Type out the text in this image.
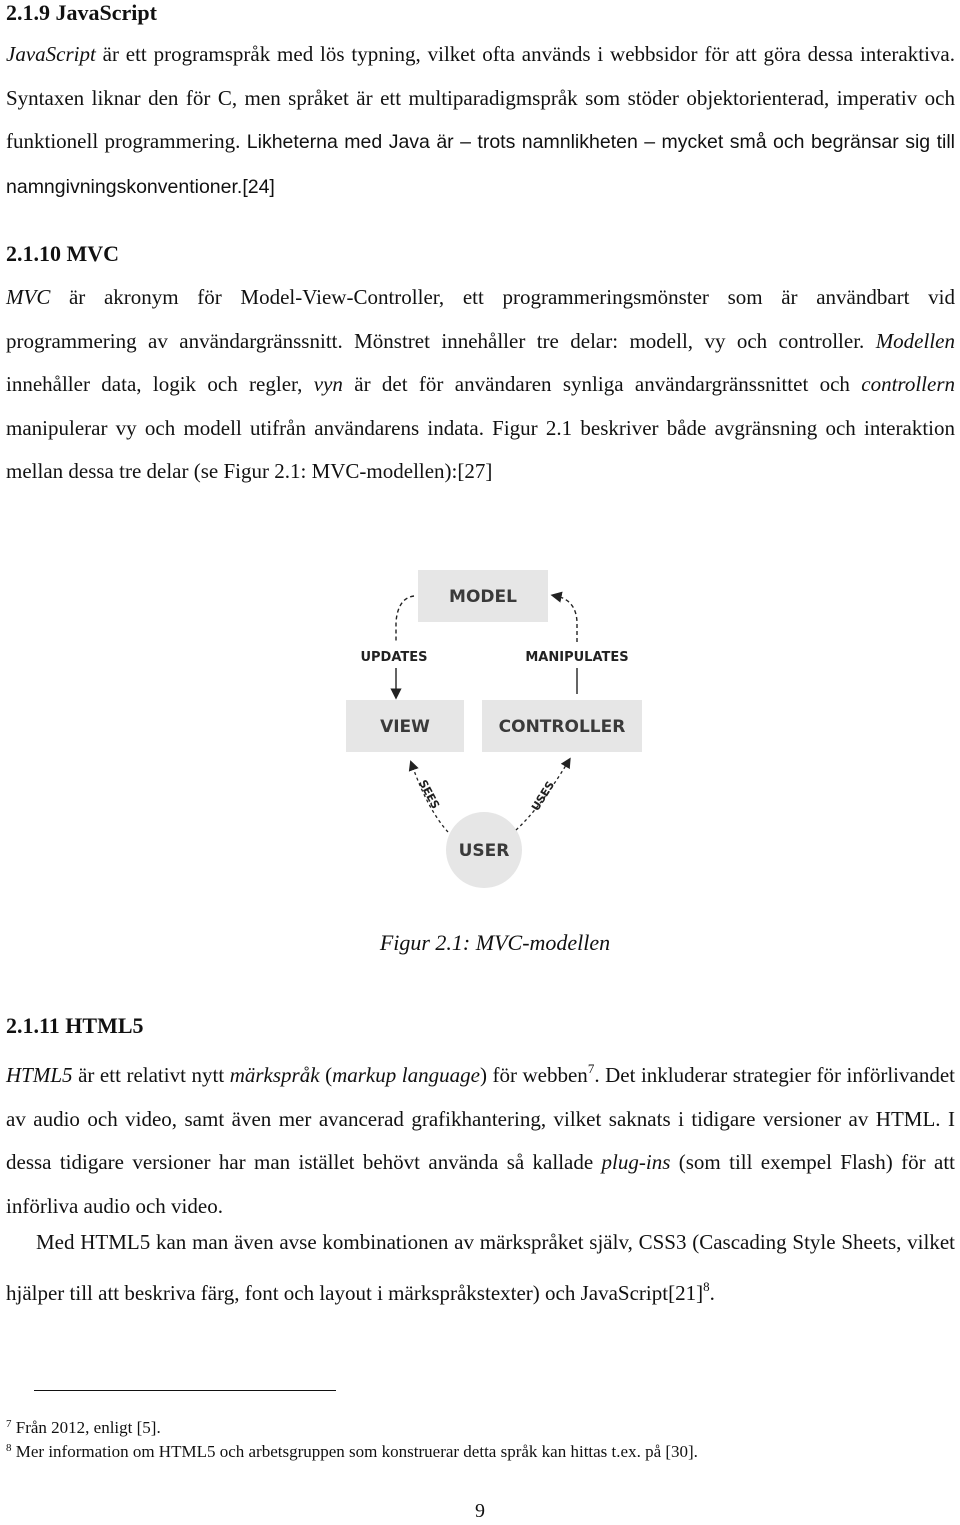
2.1.9 JavaScript

JavaScript är ett programspråk med lös typning, vilket ofta används i webbsidor för att göra dessa interaktiva. Syntaxen liknar den för C, men språket är ett multiparadigmspråk som stöder objektorienterad, imperativ och funktionell programmering. Likheterna med Java är – trots namnlikheten – mycket små och begränsar sig till namngivningskonventioner.[24]

2.1.10 MVC

MVC är akronym för Model-View-Controller, ett programmeringsmönster som är användbart vid programmering av användargränssnitt. Mönstret innehåller tre delar: modell, vy och controller. Modellen innehåller data, logik och regler, vyn är det för användaren synliga användargränssnittet och controllern manipulerar vy och modell utifrån användarens indata. Figur 2.1 beskriver både avgränsning och interaktion mellan dessa tre delar (se Figur 2.1: MVC-modellen):[27]

MODEL
VIEW	CONTROLLER
USER
UPDATES	MANIPULATES
SEES	USES

Figur 2.1: MVC-modellen

2.1.11 HTML5

HTML5 är ett relativt nytt märkspråk (markup language) för webben$^7$. Det inkluderar strategier för införlivandet av audio och video, samt även mer avancerad grafikhantering, vilket saknats i tidigare versioner av HTML. I dessa tidigare versioner har man istället behövt använda så kallade plug-ins (som till exempel Flash) för att införliva audio och video.

Med HTML5 kan man även avse kombinationen av märkspråket själv, CSS3 (Cascading Style Sheets, vilket hjälper till att beskriva färg, font och layout i märkspråkstexter) och JavaScript[21]$^8$.

$^7$ Från 2012, enligt [5].

$^8$ Mer information om HTML5 och arbetsgruppen som konstruerar detta språk kan hittas t.ex. på [30].

9
